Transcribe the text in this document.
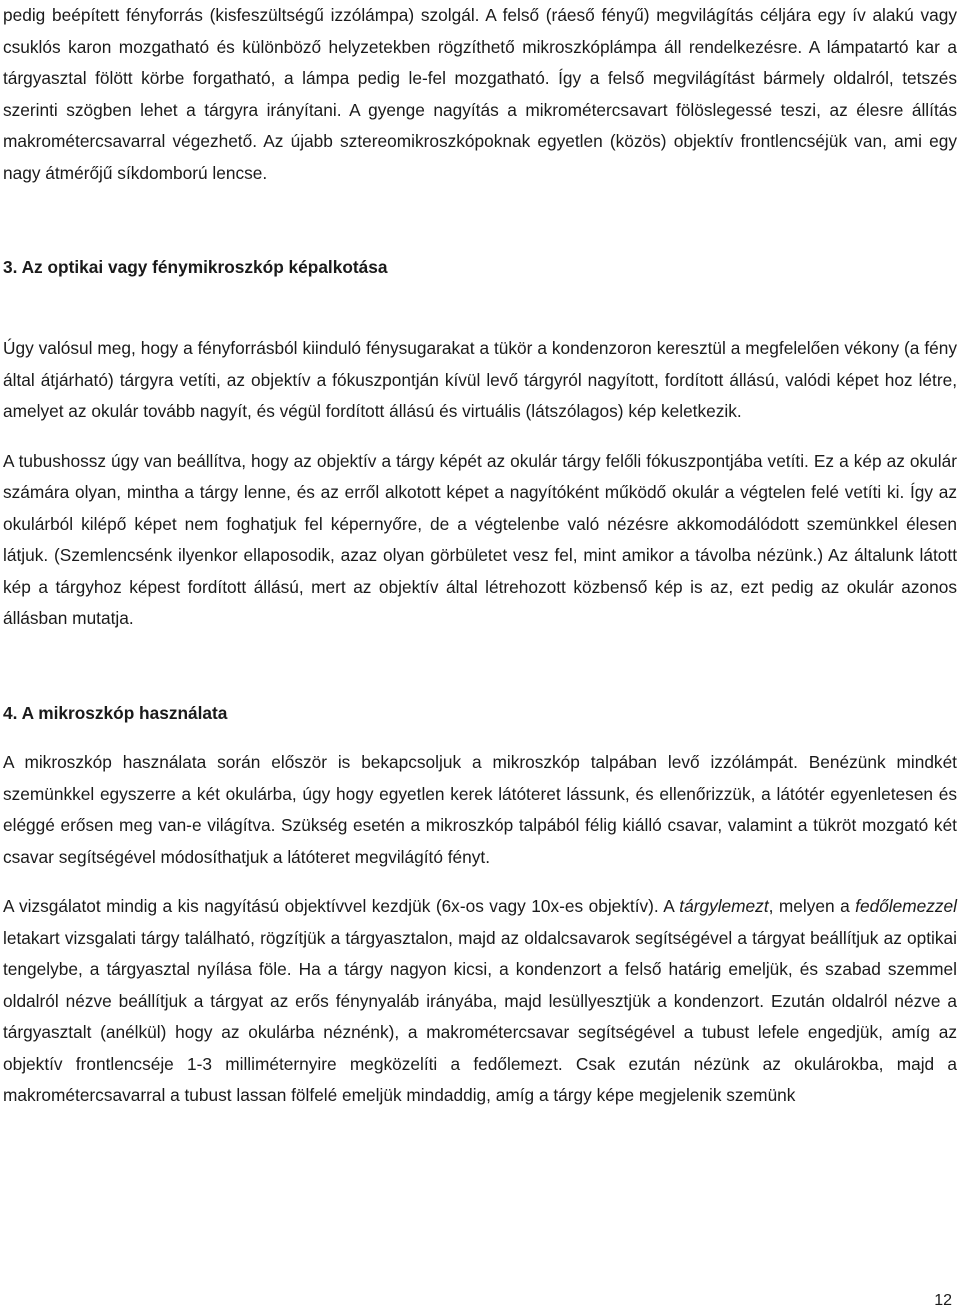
pedig beépített fényforrás (kisfeszültségű izzólámpa) szolgál. A felső (ráeső fényű) megvilágítás céljára egy ív alakú vagy csuklós karon mozgatható és különböző helyzetekben rögzíthető mikroszkóplámpa áll rendelkezésre. A lámpatartó kar a tárgyasztal fölött körbe forgatható, a lámpa pedig le-fel mozgatható. Így a felső megvilágítást bármely oldalról, tetszés szerinti szögben lehet a tárgyra irányítani. A gyenge nagyítás a mikrométercsavart fölöslegessé teszi, az élesre állítás makrométercsavarral végezhető. Az újabb sztereomikroszkópoknak egyetlen (közös) objektív frontlencséjük van, ami egy nagy átmérőjű síkdomború lencse.

3. Az optikai vagy fénymikroszkóp képalkotása

Úgy valósul meg, hogy a fényforrásból kiinduló fénysugarakat a tükör a kondenzoron keresztül a megfelelően vékony (a fény által átjárható) tárgyra vetíti, az objektív a fókuszpontján kívül levő tárgyról nagyított, fordított állású, valódi képet hoz létre, amelyet az okulár tovább nagyít, és végül fordított állású és virtuális (látszólagos) kép keletkezik.

A tubushossz úgy van beállítva, hogy az objektív a tárgy képét az okulár tárgy felőli fókuszpontjába vetíti. Ez a kép az okulár számára olyan, mintha a tárgy lenne, és az erről alkotott képet a nagyítóként működő okulár a végtelen felé vetíti ki. Így az okulárból kilépő képet nem foghatjuk fel képernyőre, de a végtelenbe való nézésre akkomodálódott szemünkkel élesen látjuk. (Szemlencsénk ilyenkor ellaposodik, azaz olyan görbületet vesz fel, mint amikor a távolba nézünk.) Az általunk látott kép a tárgyhoz képest fordított állású, mert az objektív által létrehozott közbenső kép is az, ezt pedig az okulár azonos állásban mutatja.

4. A mikroszkóp használata

A mikroszkóp használata során először is bekapcsoljuk a mikroszkóp talpában levő izzólámpát. Benézünk mindkét szemünkkel egyszerre a két okulárba, úgy hogy egyetlen kerek látóteret lássunk, és ellenőrizzük, a látótér egyenletesen és eléggé erősen meg van-e világítva. Szükség esetén a mikroszkóp talpából félig kiálló csavar, valamint a tükröt mozgató két csavar segítségével módosíthatjuk a látóteret megvilágító fényt.

A vizsgálatot mindig a kis nagyítású objektívvel kezdjük (6x-os vagy 10x-es objektív). A tárgylemezt, melyen a fedőlemezzel letakart vizsgalati tárgy található, rögzítjük a tárgyasztalon, majd az oldalcsavarok segítségével a tárgyat beállítjuk az optikai tengelybe, a tárgyasztal nyílása föle. Ha a tárgy nagyon kicsi, a kondenzort a felső határig emeljük, és szabad szemmel oldalról nézve beállítjuk a tárgyat az erős fénynyaláb irányába, majd lesüllyesztjük a kondenzort. Ezután oldalról nézve a tárgyasztalt (anélkül) hogy az okulárba néznénk), a makrométercsavar segítségével a tubust lefele engedjük, amíg az objektív frontlencséje 1-3 milliméternyire megközelíti a fedőlemezt. Csak ezután nézünk az okulárokba, majd a makrométercsavarral a tubust lassan fölfelé emeljük mindaddig, amíg a tárgy képe megjelenik szemünk

12
